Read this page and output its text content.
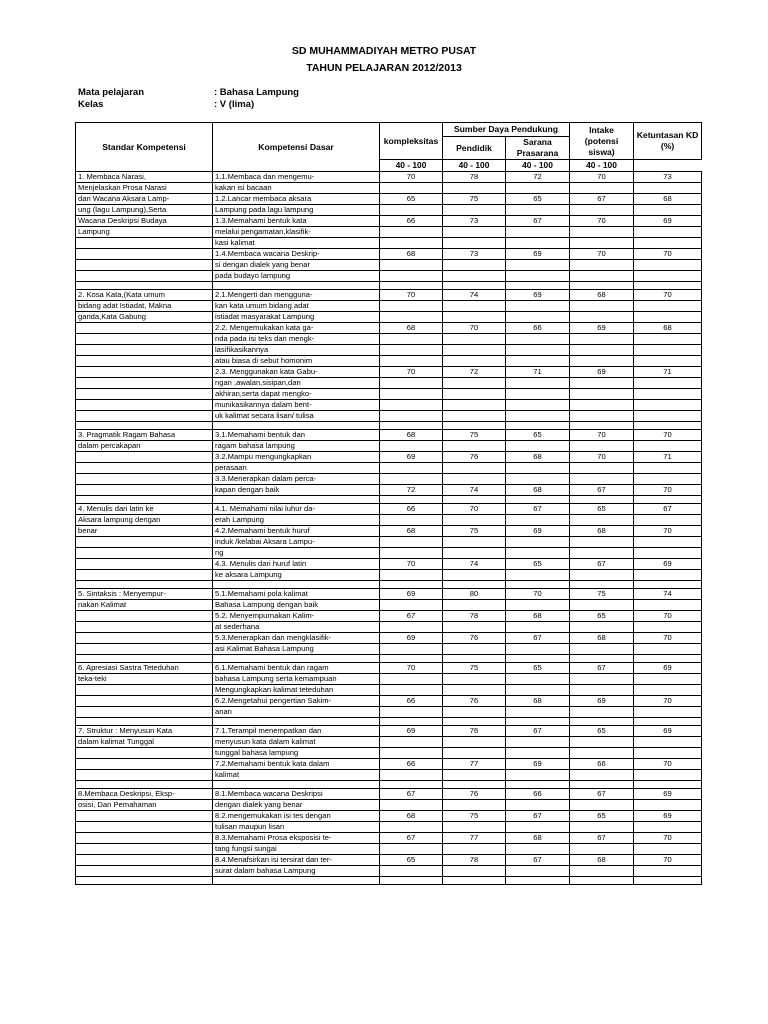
SD MUHAMMADIYAH METRO PUSAT
TAHUN PELAJARAN 2012/2013
Mata pelajaran	: Bahasa Lampung
Kelas	: V (lima)
Standar Kompetensi	Kompetensi Dasar	kompleksitas	Sumber Daya Pendukung		Intake (potensi siswa)	Ketuntasan KD (%)
			Pendidik	Sarana Prasarana		
		40 - 100	40 - 100	40 - 100	40 - 100	
1. Membaca Narasi,	1.1.Membaca dan mengemu-	70	78	72	70	73
Menjelaskan Prosa Narasi	kakan isi bacaan					
dan Wacana Aksara Lamp-	1.2.Lancar membaca aksara	65	75	65	67	68
ung (lagu Lampung),Serta	Lampung pada lagu lampung					
Wacana Deskripsi Budaya	1.3.Memahami bentuk kata	66	73	67	70	69
Lampung	melalui pengamatan,klasifik-					
	kasi kalimat					
	1.4.Membaca wacana Deskrip-	68	73	69	70	70
	si dengan dialek yang benar					
	pada budayo lampung					

2. Kosa Kata,(Kata umum	2.1.Mengerti dan mengguna-	70	74	69	68	70
bidang adat Istiadat, Makna	kan kata umum bidang adat					
ganda,Kata Gabung	istiadat masyarakat Lampung					
	2.2. Mengemukakan kata ga-	68	70	66	69	68
	nda pada isi teks dan mengk-					
	lasifikasikannya					
	atau biasa di sebut homonim					
	2.3. Menggunakan kata Gabu-	70	72	71	69	71
	ngan ,awalan,sisipan,dan					
	akhiran,serta dapat mengko-					
	munikasikannya dalam bent-					
	uk kalimat secara lisan/ tulisa					

3. Pragmatik Ragam Bahasa	3.1.Memahami bentuk dan	68	75	65	70	70
dalam percakapan	ragam bahasa lampung					
	3.2.Mampu mengungkapkan	69	76	68	70	71
	perasaan					
	3.3.Menerapkan dalam perca-					
	kapan dengan baik	72	74	68	67	70

4. Menulis dari latin ke	4.1. Memahami nilai luhur da-	66	70	67	65	67
Aksara lampung dengan	erah Lampung					
benar	4.2.Memahami bentuk huruf	68	75	69	68	70
	induk /kelabai Aksara Lampu-					
	ng					
	4.3. Menulis dari huruf latin	70	74	65	67	69
	ke aksara Lampung					

5. Sintaksis : Menyempur-	5.1.Memahami pola kalimat	69	80	70	75	74
nakan Kalimat	Bahasa Lampung dengan baik					
	5.2. Menyempurnakan Kalim-	67	78	68	65	70
	at sederhana					
	5.3.Menerapkan dan mengklasifik-	69	76	67	68	70
	asi Kalimat Bahasa Lampung					

6. Apresiasi Sastra Teteduhan	6.1.Memahami bentuk dan ragam	70	75	65	67	69
teka-teki	bahasa Lampung serta kemampuan					
	Mengungkapkan kalimat teteduhan					
	6.2.Mengetahui pengertian Sakim-	66	76	68	69	70
	anan					

7. Struktur : Menyusun Kata	7.1.Terampil menempatkan dan	69	76	67	65	69
dalam kalimat Tunggal	menyusun kata dalam kalimat					
	tunggal bahasa lampung					
	7.2.Memahami bentuk kata dalam	66	77	69	66	70
	kalimat					

8.Membaca Deskripsi, Eksp-	8.1.Membaca wacana Deskripsi	67	76	66	67	69
osisi, Dan Pemahaman	dengan dialek yang benar					
	8.2.mengemukakan isi tes dengan	68	75	67	65	69
	tulisan maupun lisan					
	8.3.Memahami Prosa eksposisi te-	67	77	68	67	70
	tang fungsi sungai					
	8.4.Menafsirkan isi tersirat dan ter-	65	78	67	68	70
	surat dalam bahasa Lampung					
